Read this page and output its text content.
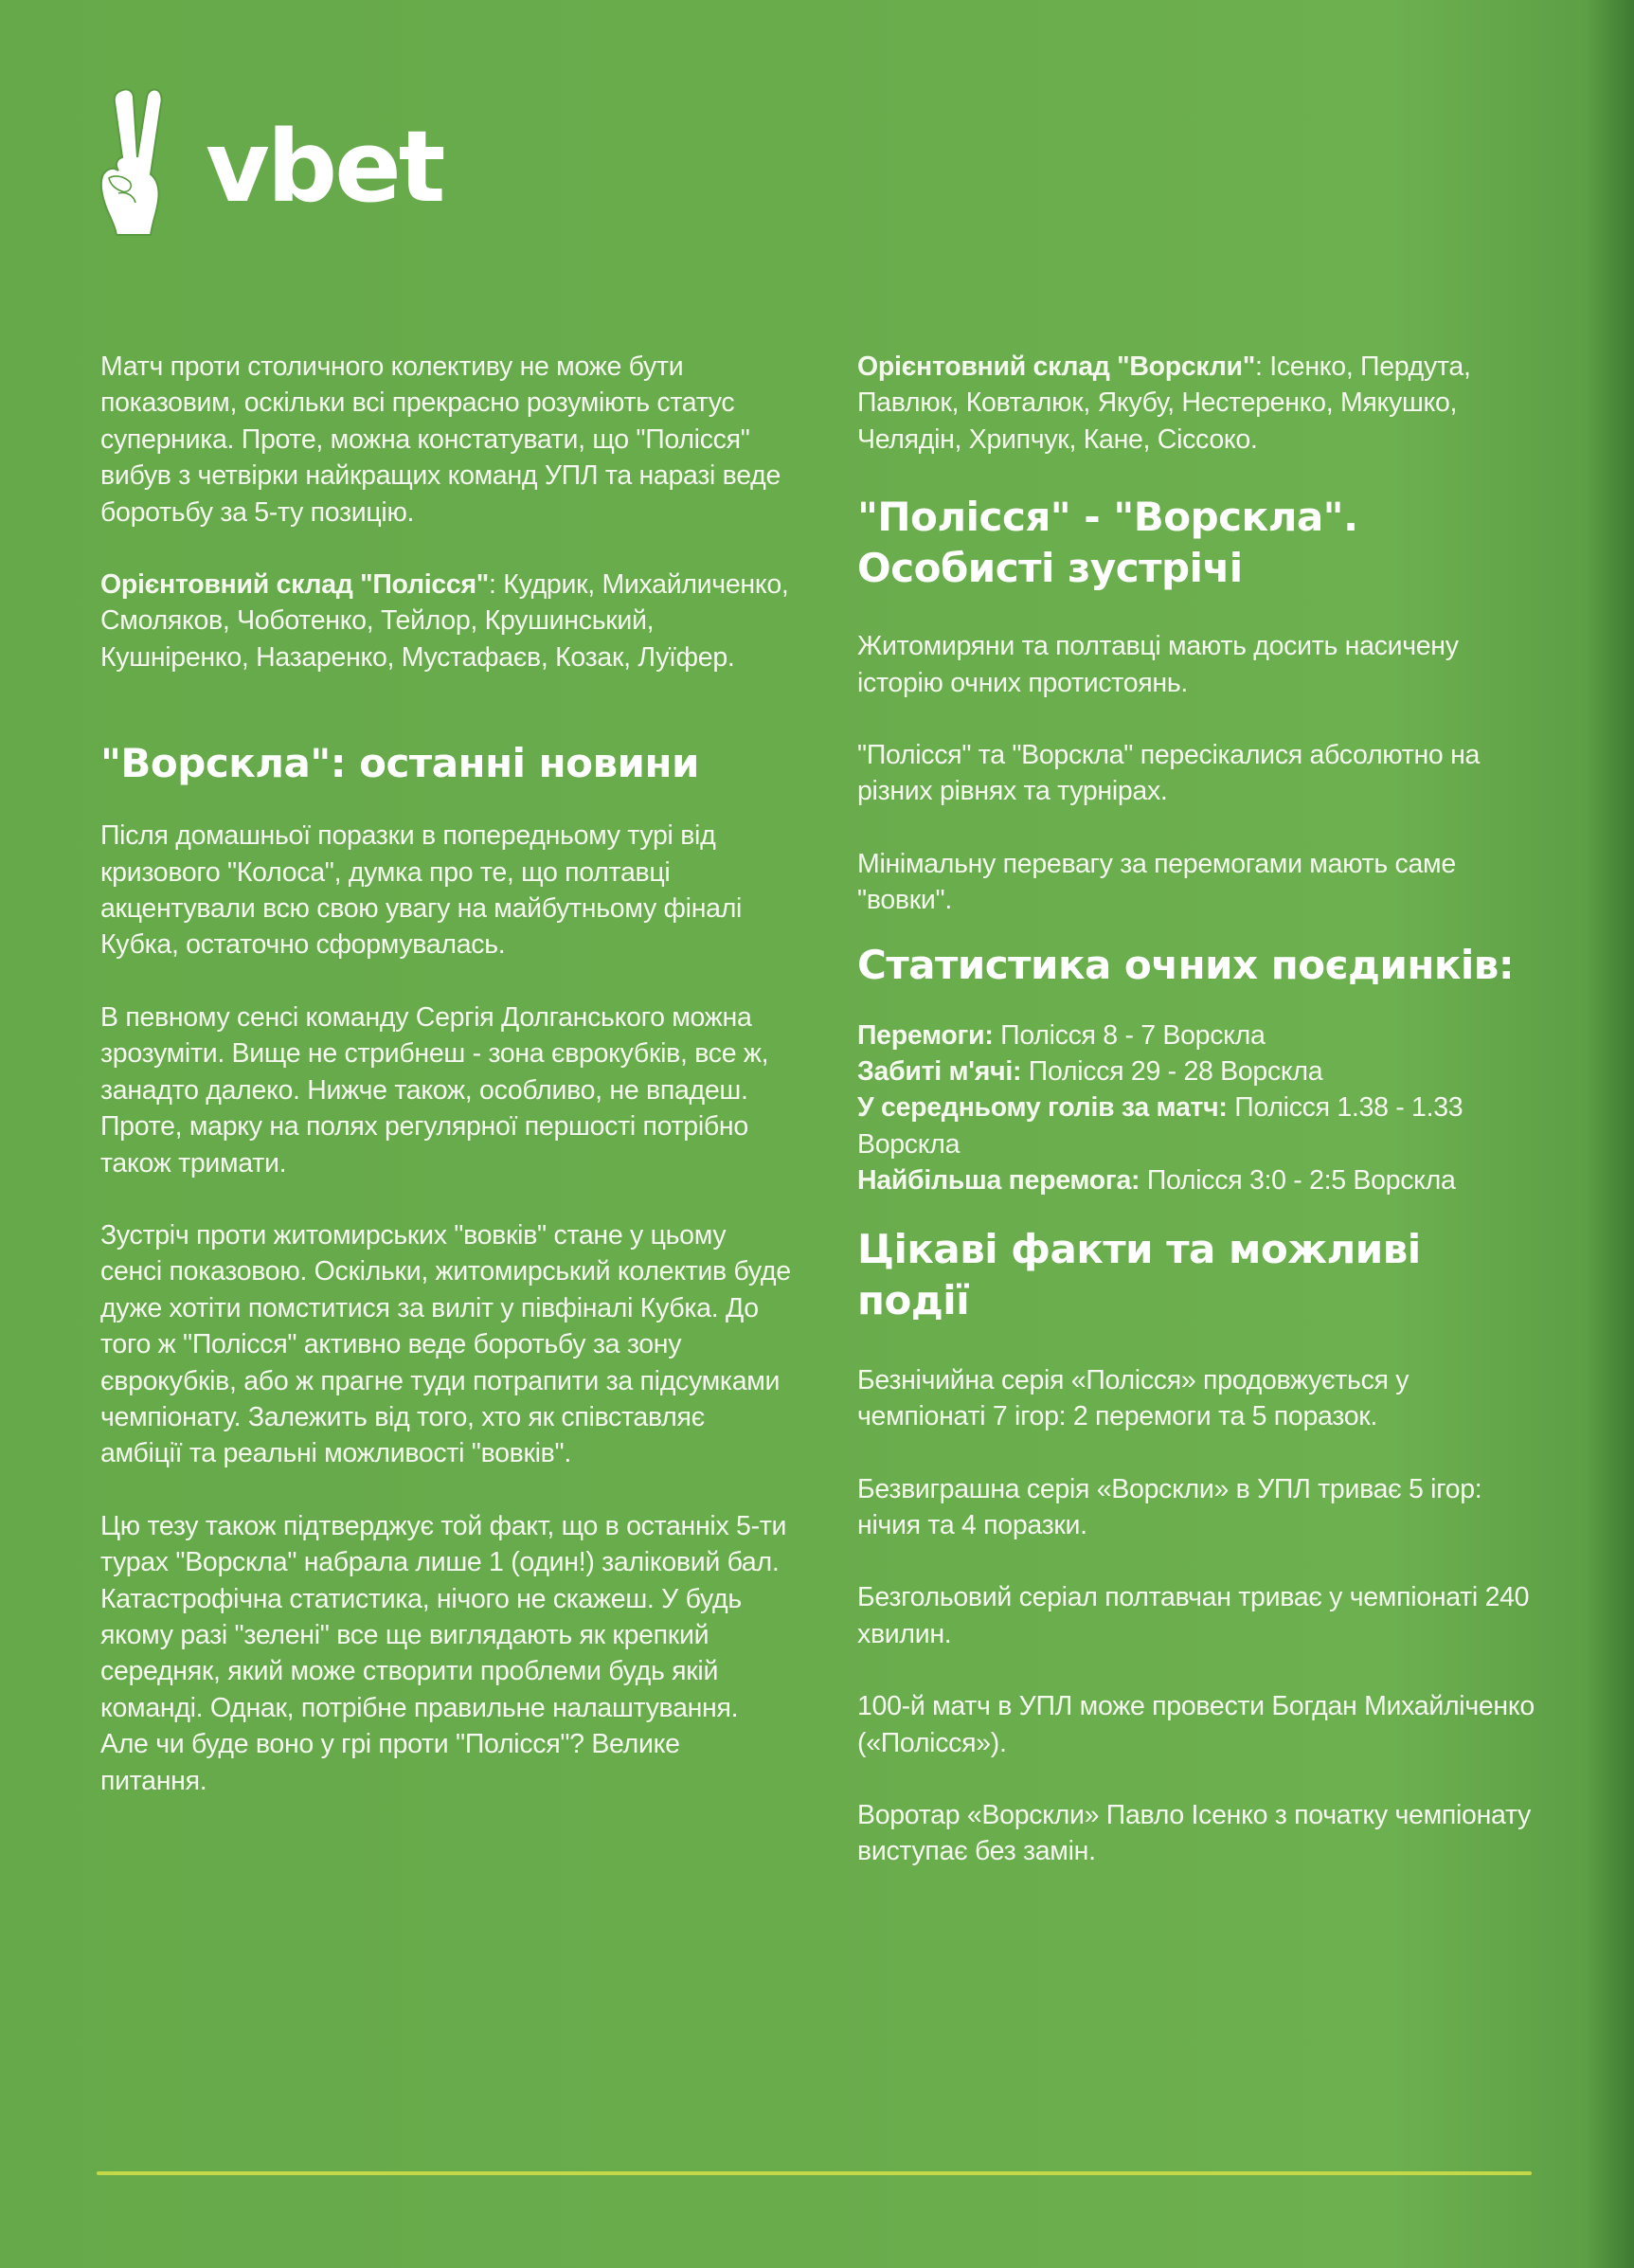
vbet

Матч проти столичного колективу не може бути показовим, оскільки всі прекрасно розуміють статус суперника. Проте, можна констатувати, що "Полісся" вибув з четвірки найкращих команд УПЛ та наразі веде боротьбу за 5-ту позицію.

Орієнтовний склад "Полісся": Кудрик, Михайличенко, Смоляков, Чоботенко, Тейлор, Крушинський, Кушніренко, Назаренко, Мустафаєв, Козак, Луїфер.

"Ворскла": останні новини

Після домашньої поразки в попередньому турі від кризового "Колоса", думка про те, що полтавці акцентували всю свою увагу на майбутньому фіналі Кубка, остаточно сформувалась.

В певному сенсі команду Сергія Долганського можна зрозуміти. Вище не стрибнеш - зона єврокубків, все ж, занадто далеко. Нижче також, особливо, не впадеш. Проте, марку на полях регулярної першості потрібно також тримати.

Зустріч проти житомирських "вовків" стане у цьому сенсі показовою. Оскільки, житомирський колектив буде дуже хотіти помститися за виліт у півфіналі Кубка. До того ж "Полісся" активно веде боротьбу за зону єврокубків, або ж прагне туди потрапити за підсумками чемпіонату. Залежить від того, хто як співставляє амбіції та реальні можливості "вовків".

Цю тезу також підтверджує той факт, що в останніх 5-ти турах "Ворскла" набрала лише 1 (один!) заліковий бал. Катастрофічна статистика, нічого не скажеш. У будь якому разі "зелені" все ще виглядають як крепкий середняк, який може створити проблеми будь якій команді. Однак, потрібне правильне налаштування. Але чи буде воно у грі проти "Полісся"? Велике питання.

Орієнтовний склад "Ворскли": Ісенко, Пердута, Павлюк, Ковталюк, Якубу, Нестеренко, Мякушко, Челядін, Хрипчук, Кане, Сіссоко.

"Полісся" - "Ворскла". Особисті зустрічі

Житомиряни та полтавці мають досить насичену історію очних протистоянь.

"Полісся" та "Ворскла" пересікалися абсолютно на різних рівнях та турнірах.

Мінімальну перевагу за перемогами мають саме "вовки".

Статистика очних поєдинків:

Перемоги: Полісся 8 - 7 Ворскла

Забиті м'ячі: Полісся 29 - 28 Ворскла

У середньому голів за матч: Полісся 1.38 - 1.33 Ворскла

Найбільша перемога: Полісся 3:0 - 2:5 Ворскла

Цікаві факти та можливі події

Безнічийна серія «Полісся» продовжується у чемпіонаті 7 ігор: 2 перемоги та 5 поразок.

Безвиграшна серія «Ворскли» в УПЛ триває 5 ігор: нічия та 4 поразки.

Безгольовий серіал полтавчан триває у чемпіонаті 240 хвилин.

100-й матч в УПЛ може провести Богдан Михайліченко («Полісся»).

Воротар «Ворскли» Павло Ісенко з початку чемпіонату виступає без замін.
